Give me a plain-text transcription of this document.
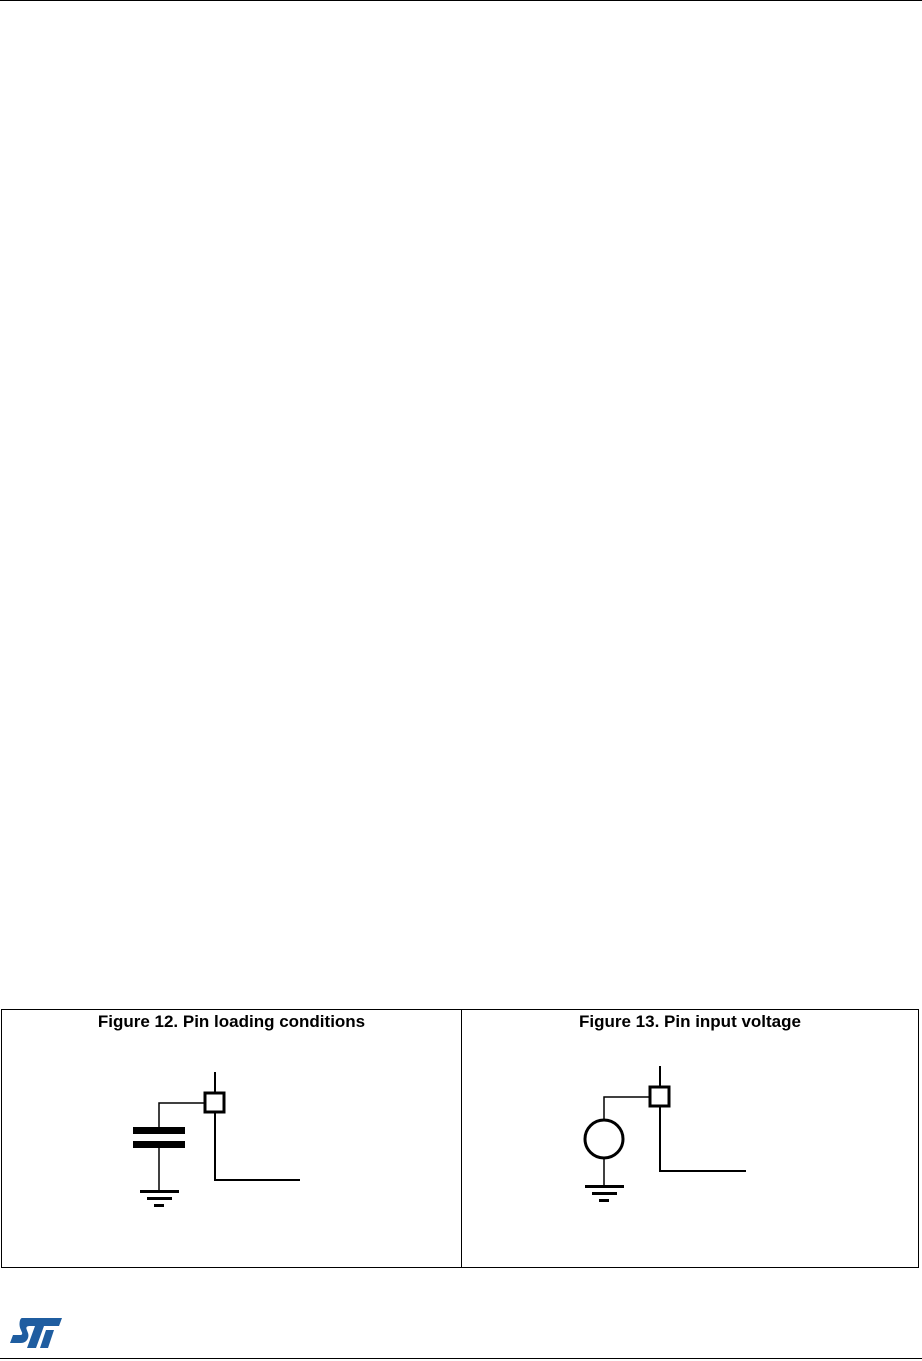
Figure 12. Pin loading conditions	Figure 13. Pin input voltage
